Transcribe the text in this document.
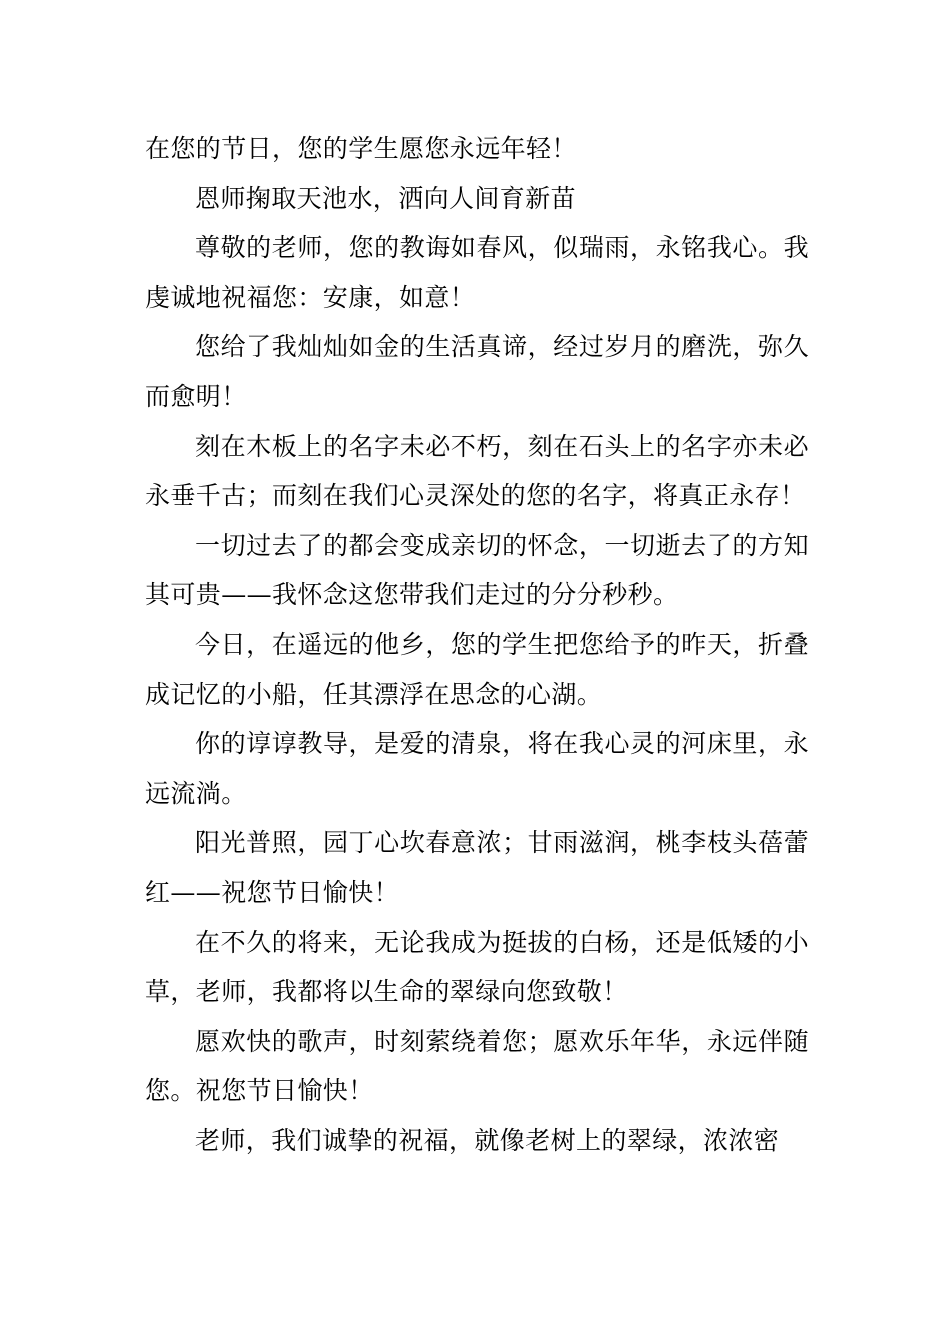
在您的节日，您的学生愿您永远年轻！

恩师掬取天池水，洒向人间育新苗

尊敬的老师，您的教诲如春风，似瑞雨，永铭我心。我虔诚地祝福您：安康，如意！

您给了我灿灿如金的生活真谛，经过岁月的磨洗，弥久而愈明！

刻在木板上的名字未必不朽，刻在石头上的名字亦未必永垂千古；而刻在我们心灵深处的您的名字，将真正永存！

一切过去了的都会变成亲切的怀念，一切逝去了的方知其可贵——我怀念这您带我们走过的分分秒秒。

今日，在遥远的他乡，您的学生把您给予的昨天，折叠成记忆的小船，任其漂浮在思念的心湖。

你的谆谆教导，是爱的清泉，将在我心灵的河床里，永远流淌。

阳光普照，园丁心坎春意浓；甘雨滋润，桃李枝头蓓蕾红——祝您节日愉快！

在不久的将来，无论我成为挺拔的白杨，还是低矮的小草，老师，我都将以生命的翠绿向您致敬！

愿欢快的歌声，时刻萦绕着您；愿欢乐年华，永远伴随您。祝您节日愉快！

老师，我们诚挚的祝福，就像老树上的翠绿，浓浓密
